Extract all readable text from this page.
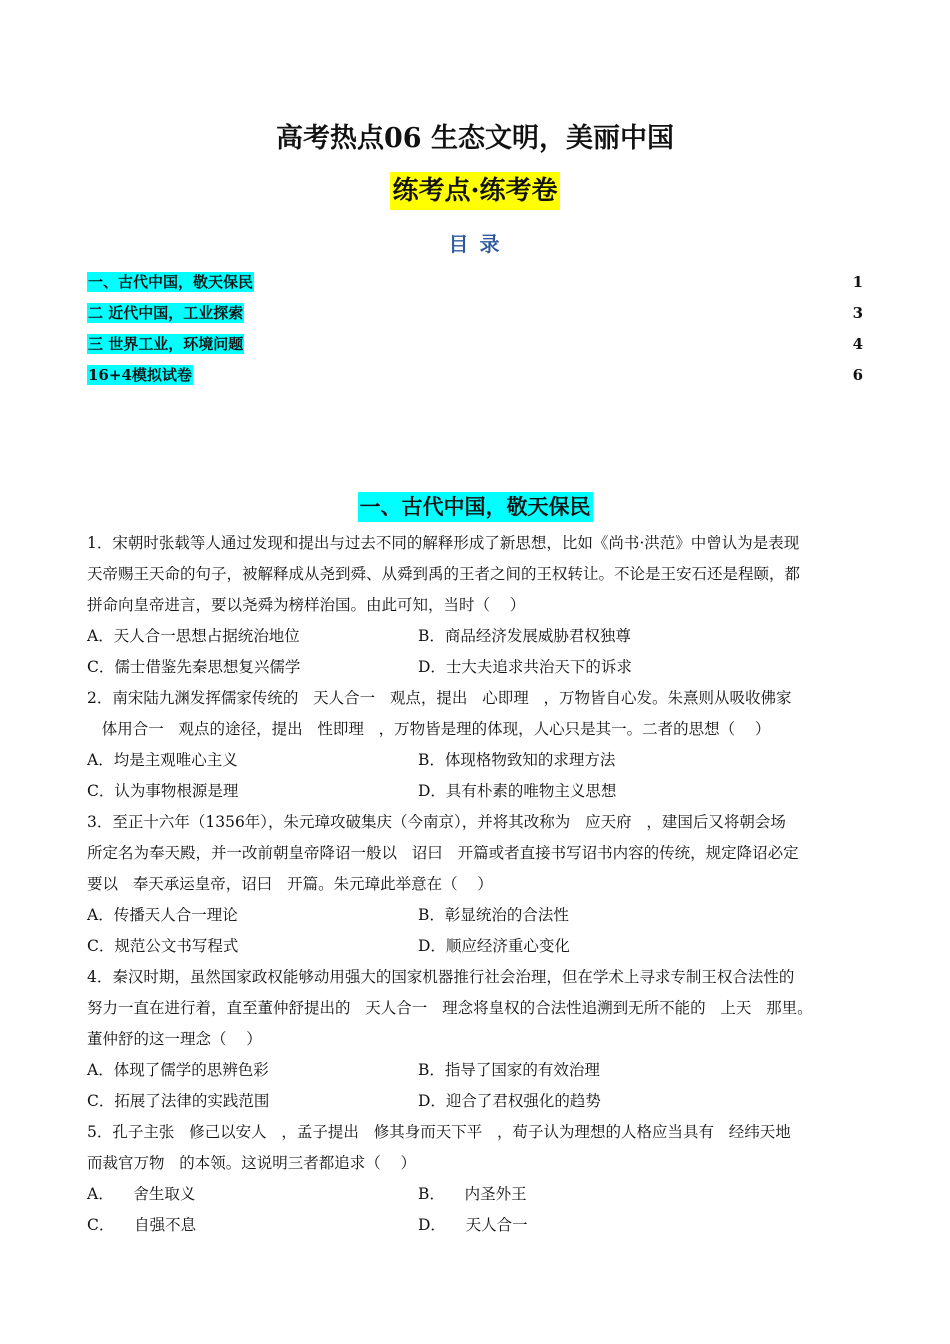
高考热点06 生态文明，美丽中国
练考点·练考卷
目 录
一、古代中国，敬天保民	1
二 近代中国，工业探索	3
三 世界工业，环境问题	4
16+4模拟试卷	6
一、古代中国，敬天保民
1．宋朝时张载等人通过发现和提出与过去不同的解释形成了新思想，比如《尚书·洪范》中曾认为是表现
天帝赐王天命的句子，被解释成从尧到舜、从舜到禹的王者之间的王权转让。不论是王安石还是程颐，都
拼命向皇帝进言，要以尧舜为榜样治国。由此可知，当时（    ）
A．天人合一思想占据统治地位	B．商品经济发展威胁君权独尊
C．儒士借鉴先秦思想复兴儒学	D．士大夫追求共治天下的诉求
2．南宋陆九渊发挥儒家传统的   天人合一   观点，提出   心即理   ，万物皆自心发。朱熹则从吸收佛家
体用合一   观点的途径，提出   性即理   ，万物皆是理的体现，人心只是其一。二者的思想（    ）
A．均是主观唯心主义	B．体现格物致知的求理方法
C．认为事物根源是理	D．具有朴素的唯物主义思想
3．至正十六年（1356年），朱元璋攻破集庆（今南京），并将其改称为   应天府   ，建国后又将朝会场
所定名为奉天殿，并一改前朝皇帝降诏一般以   诏曰   开篇或者直接书写诏书内容的传统，规定降诏必定
要以   奉天承运皇帝，诏曰   开篇。朱元璋此举意在（    ）
A．传播天人合一理论	B．彰显统治的合法性
C．规范公文书写程式	D．顺应经济重心变化
4．秦汉时期，虽然国家政权能够动用强大的国家机器推行社会治理，但在学术上寻求专制王权合法性的
努力一直在进行着，直至董仲舒提出的   天人合一   理念将皇权的合法性追溯到无所不能的   上天   那里。
董仲舒的这一理念（    ）
A．体现了儒学的思辨色彩	B．指导了国家的有效治理
C．拓展了法律的实践范围	D．迎合了君权强化的趋势
5．孔子主张   修己以安人   ，孟子提出   修其身而天下平   ，荀子认为理想的人格应当具有   经纬天地
而裁官万物   的本领。这说明三者都追求（    ）
A．    舍生取义	B．    内圣外王
C．    自强不息	D．    天人合一
